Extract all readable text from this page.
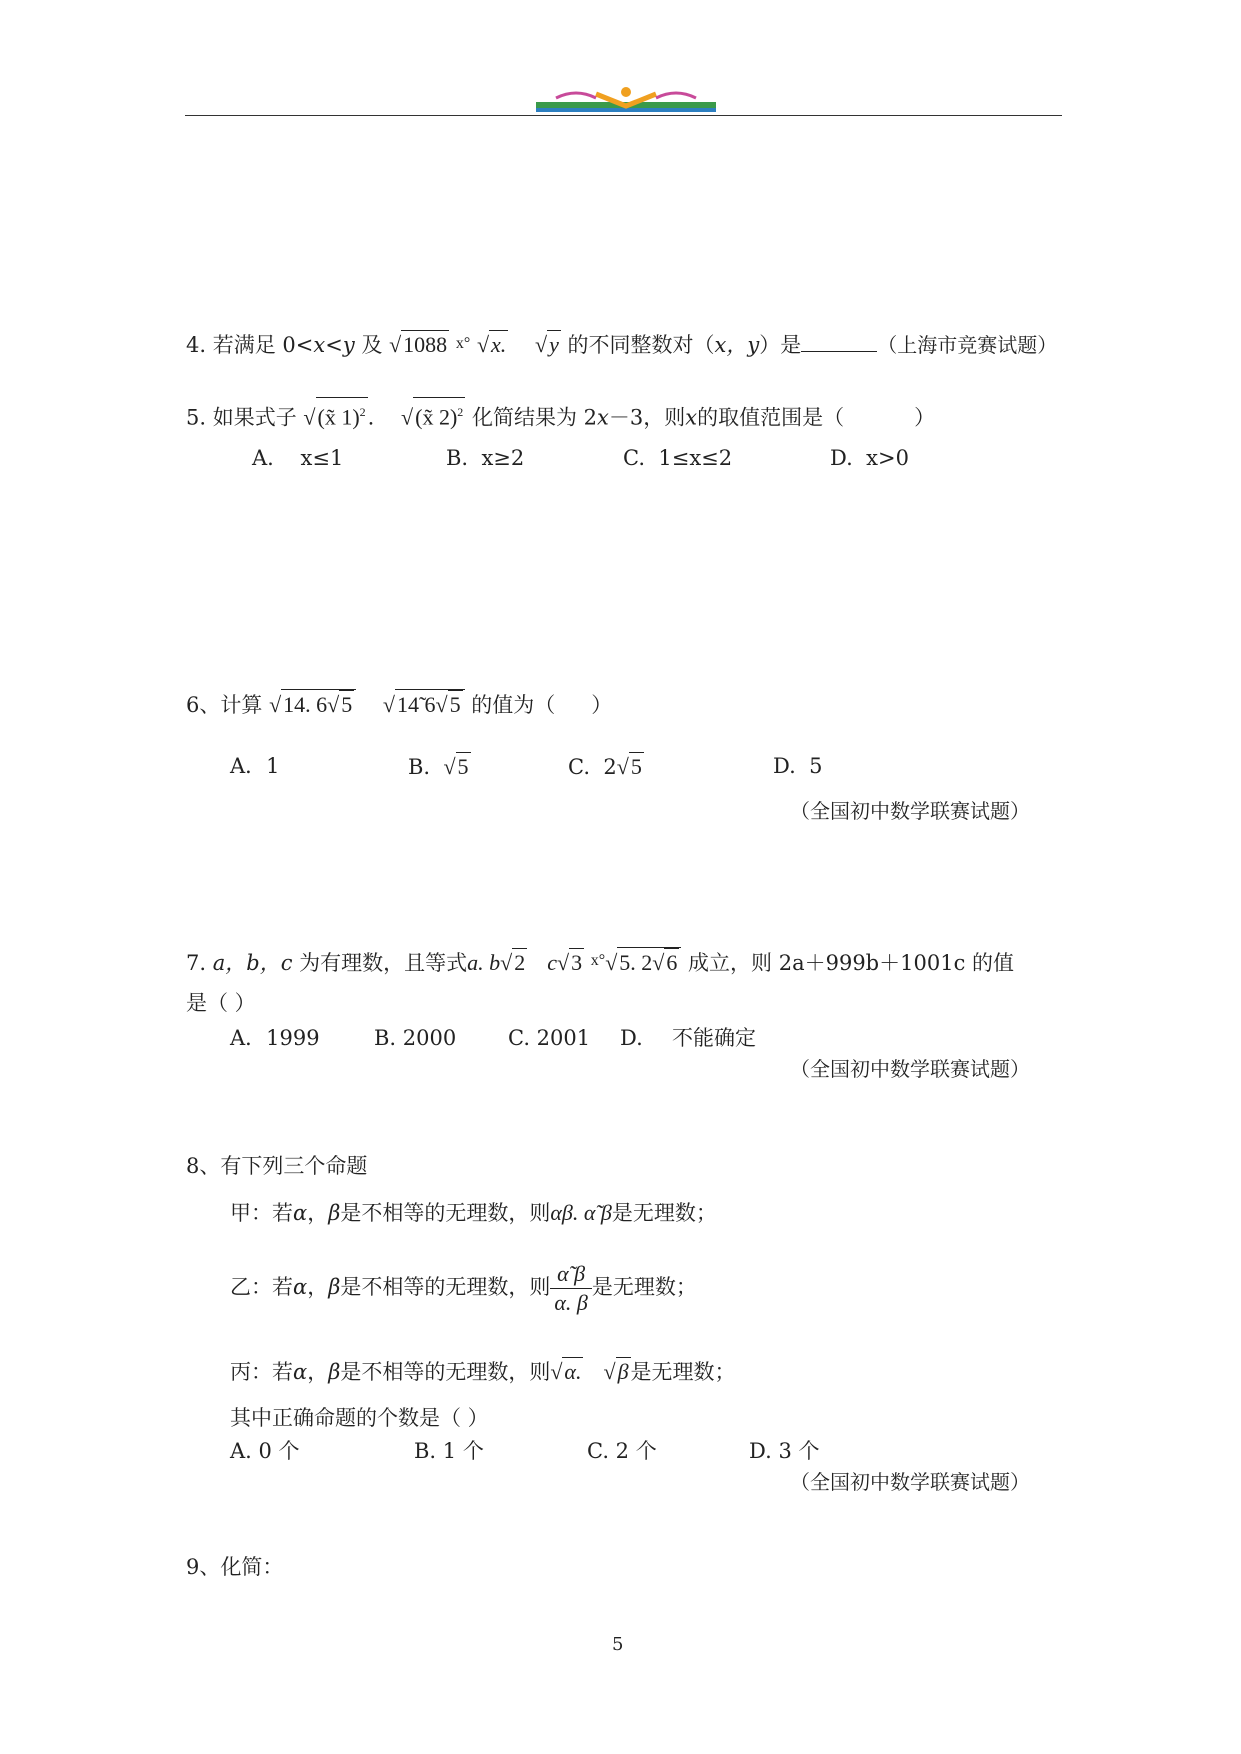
4. 若满足 0<x<y 及 √1088 $^{x^\circ}$ √x. √y 的不同整数对（x，y）是	（上海市竞赛试题）
5. 如果式子 √(x̃ 1)$^2$. √(x̃ 2)$^2$ 化简结果为 2x－3，则x的取值范围是（	）
A. x≤1	B. x≥2	C. 1≤x≤2	D. x>0
6、计算 √14. 6√5 √14̃ 6√5 的值为（ ）
A．1	B. √5	C. 2√5	D. 5
（全国初中数学联赛试题）
7. a，b，c 为有理数，且等式a. b√2 c√3 $^{x^\circ}$√5. 2√6 成立，则 2a＋999b＋1001c 的值
是（ ）
A．1999	B. 2000 C. 2001 D. 不能确定
（全国初中数学联赛试题）
8、有下列三个命题
甲：若α，β是不相等的无理数，则αβ. α̃ β是无理数；
乙：若α，β是不相等的无理数，则 $\frac{\alphã \beta}{\alpha. \beta}$ 是无理数；
丙：若α，β是不相等的无理数，则√α. √β是无理数；
其中正确命题的个数是（ ）
A. 0 个	B. 1 个	C. 2 个	D. 3 个
（全国初中数学联赛试题）
9、化简：
5
